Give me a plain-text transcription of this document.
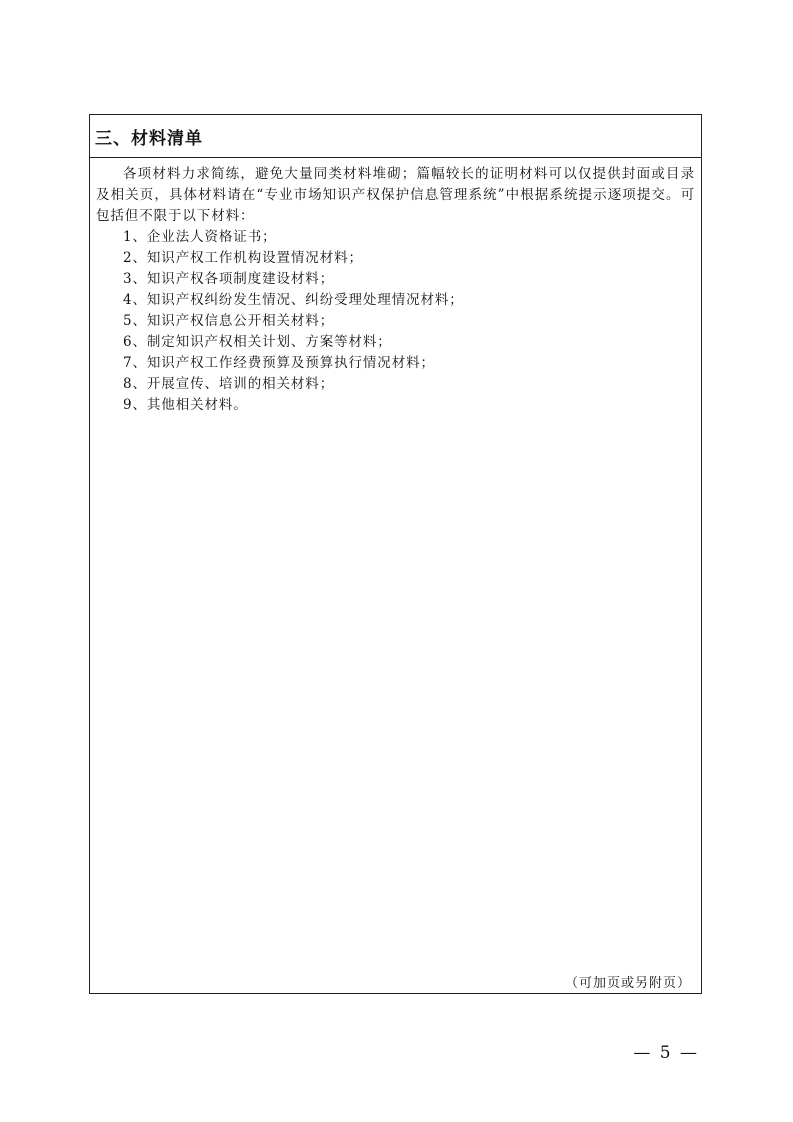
三、材料清单

各项材料力求简练，避免大量同类材料堆砌；篇幅较长的证明材料可以仅提供封面或目录及相关页，具体材料请在“专业市场知识产权保护信息管理系统”中根据系统提示逐项提交。可包括但不限于以下材料：

1、企业法人资格证书；
2、知识产权工作机构设置情况材料；
3、知识产权各项制度建设材料；
4、知识产权纠纷发生情况、纠纷受理处理情况材料；
5、知识产权信息公开相关材料；
6、制定知识产权相关计划、方案等材料；
7、知识产权工作经费预算及预算执行情况材料；
8、开展宣传、培训的相关材料；
9、其他相关材料。
（可加页或另附页）
— 5 —
